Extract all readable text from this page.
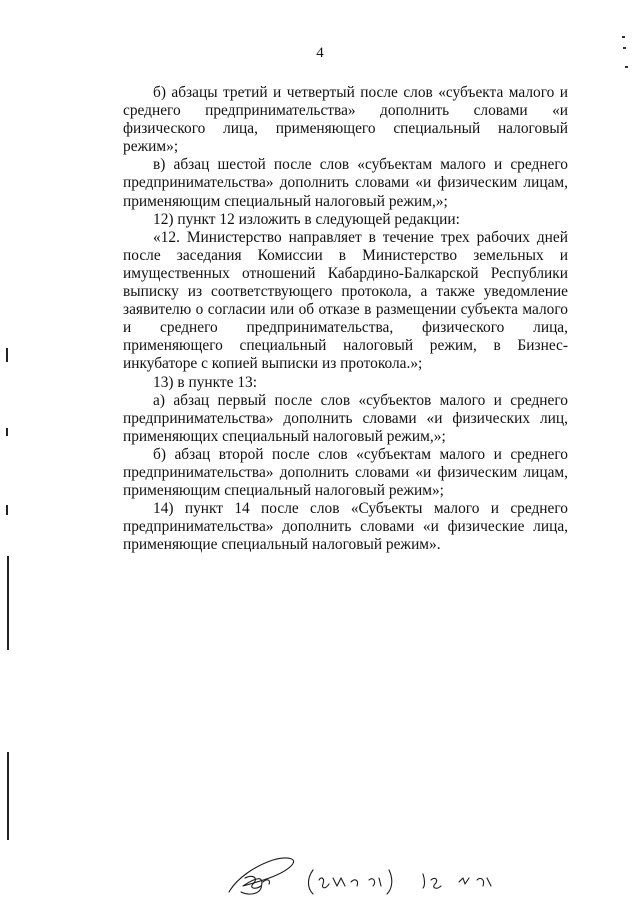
4

б) абзацы третий и четвертый после слов «субъекта малого и среднего предпринимательства» дополнить словами «и физического лица, применяющего специальный налоговый режим»;

в) абзац шестой после слов «субъектам малого и среднего предпринимательства» дополнить словами «и физическим лицам, применяющим специальный налоговый режим,»;

12) пункт 12 изложить в следующей редакции:

«12. Министерство направляет в течение трех рабочих дней после заседания Комиссии в Министерство земельных и имущественных отношений Кабардино-Балкарской Республики выписку из соответствующего протокола, а также уведомление заявителю о согласии или об отказе в размещении субъекта малого и среднего предпринимательства, физического лица, применяющего специальный налоговый режим, в Бизнес-инкубаторе с копией выписки из протокола.»;

13) в пункте 13:

а) абзац первый после слов «субъектов малого и среднего предпринимательства» дополнить словами «и физических лиц, применяющих специальный налоговый режим,»;

б) абзац второй после слов «субъектам малого и среднего предпринимательства» дополнить словами «и физическим лицам, применяющим специальный налоговый режим»;

14) пункт 14 после слов «Субъекты малого и среднего предпринимательства» дополнить словами «и физические лица, применяющие специальный налоговый режим».
